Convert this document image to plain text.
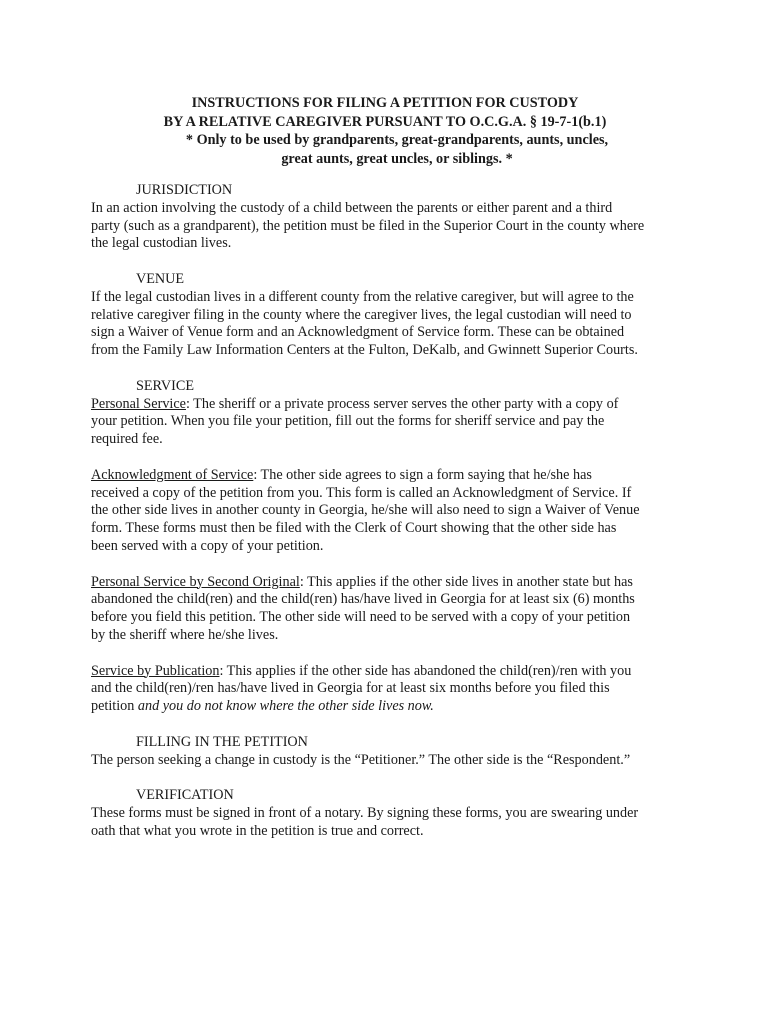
INSTRUCTIONS FOR FILING A PETITION FOR CUSTODY
BY A RELATIVE CAREGIVER PURSUANT TO O.C.G.A. § 19-7-1(b.1)
* Only to be used by grandparents, great-grandparents, aunts, uncles,
great aunts, great uncles, or siblings. *
JURISDICTION
In an action involving the custody of a child between the parents or either parent and a third
party (such as a grandparent), the petition must be filed in the Superior Court in the county where
the legal custodian lives.
VENUE
If the legal custodian lives in a different county from the relative caregiver, but will agree to the
relative caregiver filing in the county where the caregiver lives, the legal custodian will need to
sign a Waiver of Venue form and an Acknowledgment of Service form. These can be obtained
from the Family Law Information Centers at the Fulton, DeKalb, and Gwinnett Superior Courts.
SERVICE
Personal Service: The sheriff or a private process server serves the other party with a copy of
your petition. When you file your petition, fill out the forms for sheriff service and pay the
required fee.
Acknowledgment of Service: The other side agrees to sign a form saying that he/she has
received a copy of the petition from you. This form is called an Acknowledgment of Service. If
the other side lives in another county in Georgia, he/she will also need to sign a Waiver of Venue
form. These forms must then be filed with the Clerk of Court showing that the other side has
been served with a copy of your petition.
Personal Service by Second Original: This applies if the other side lives in another state but has
abandoned the child(ren) and the child(ren) has/have lived in Georgia for at least six (6) months
before you field this petition. The other side will need to be served with a copy of your petition
by the sheriff where he/she lives.
Service by Publication: This applies if the other side has abandoned the child(ren)/ren with you
and the child(ren)/ren has/have lived in Georgia for at least six months before you filed this
petition and you do not know where the other side lives now.
FILLING IN THE PETITION
The person seeking a change in custody is the “Petitioner.” The other side is the “Respondent.”
VERIFICATION
These forms must be signed in front of a notary. By signing these forms, you are swearing under
oath that what you wrote in the petition is true and correct.
